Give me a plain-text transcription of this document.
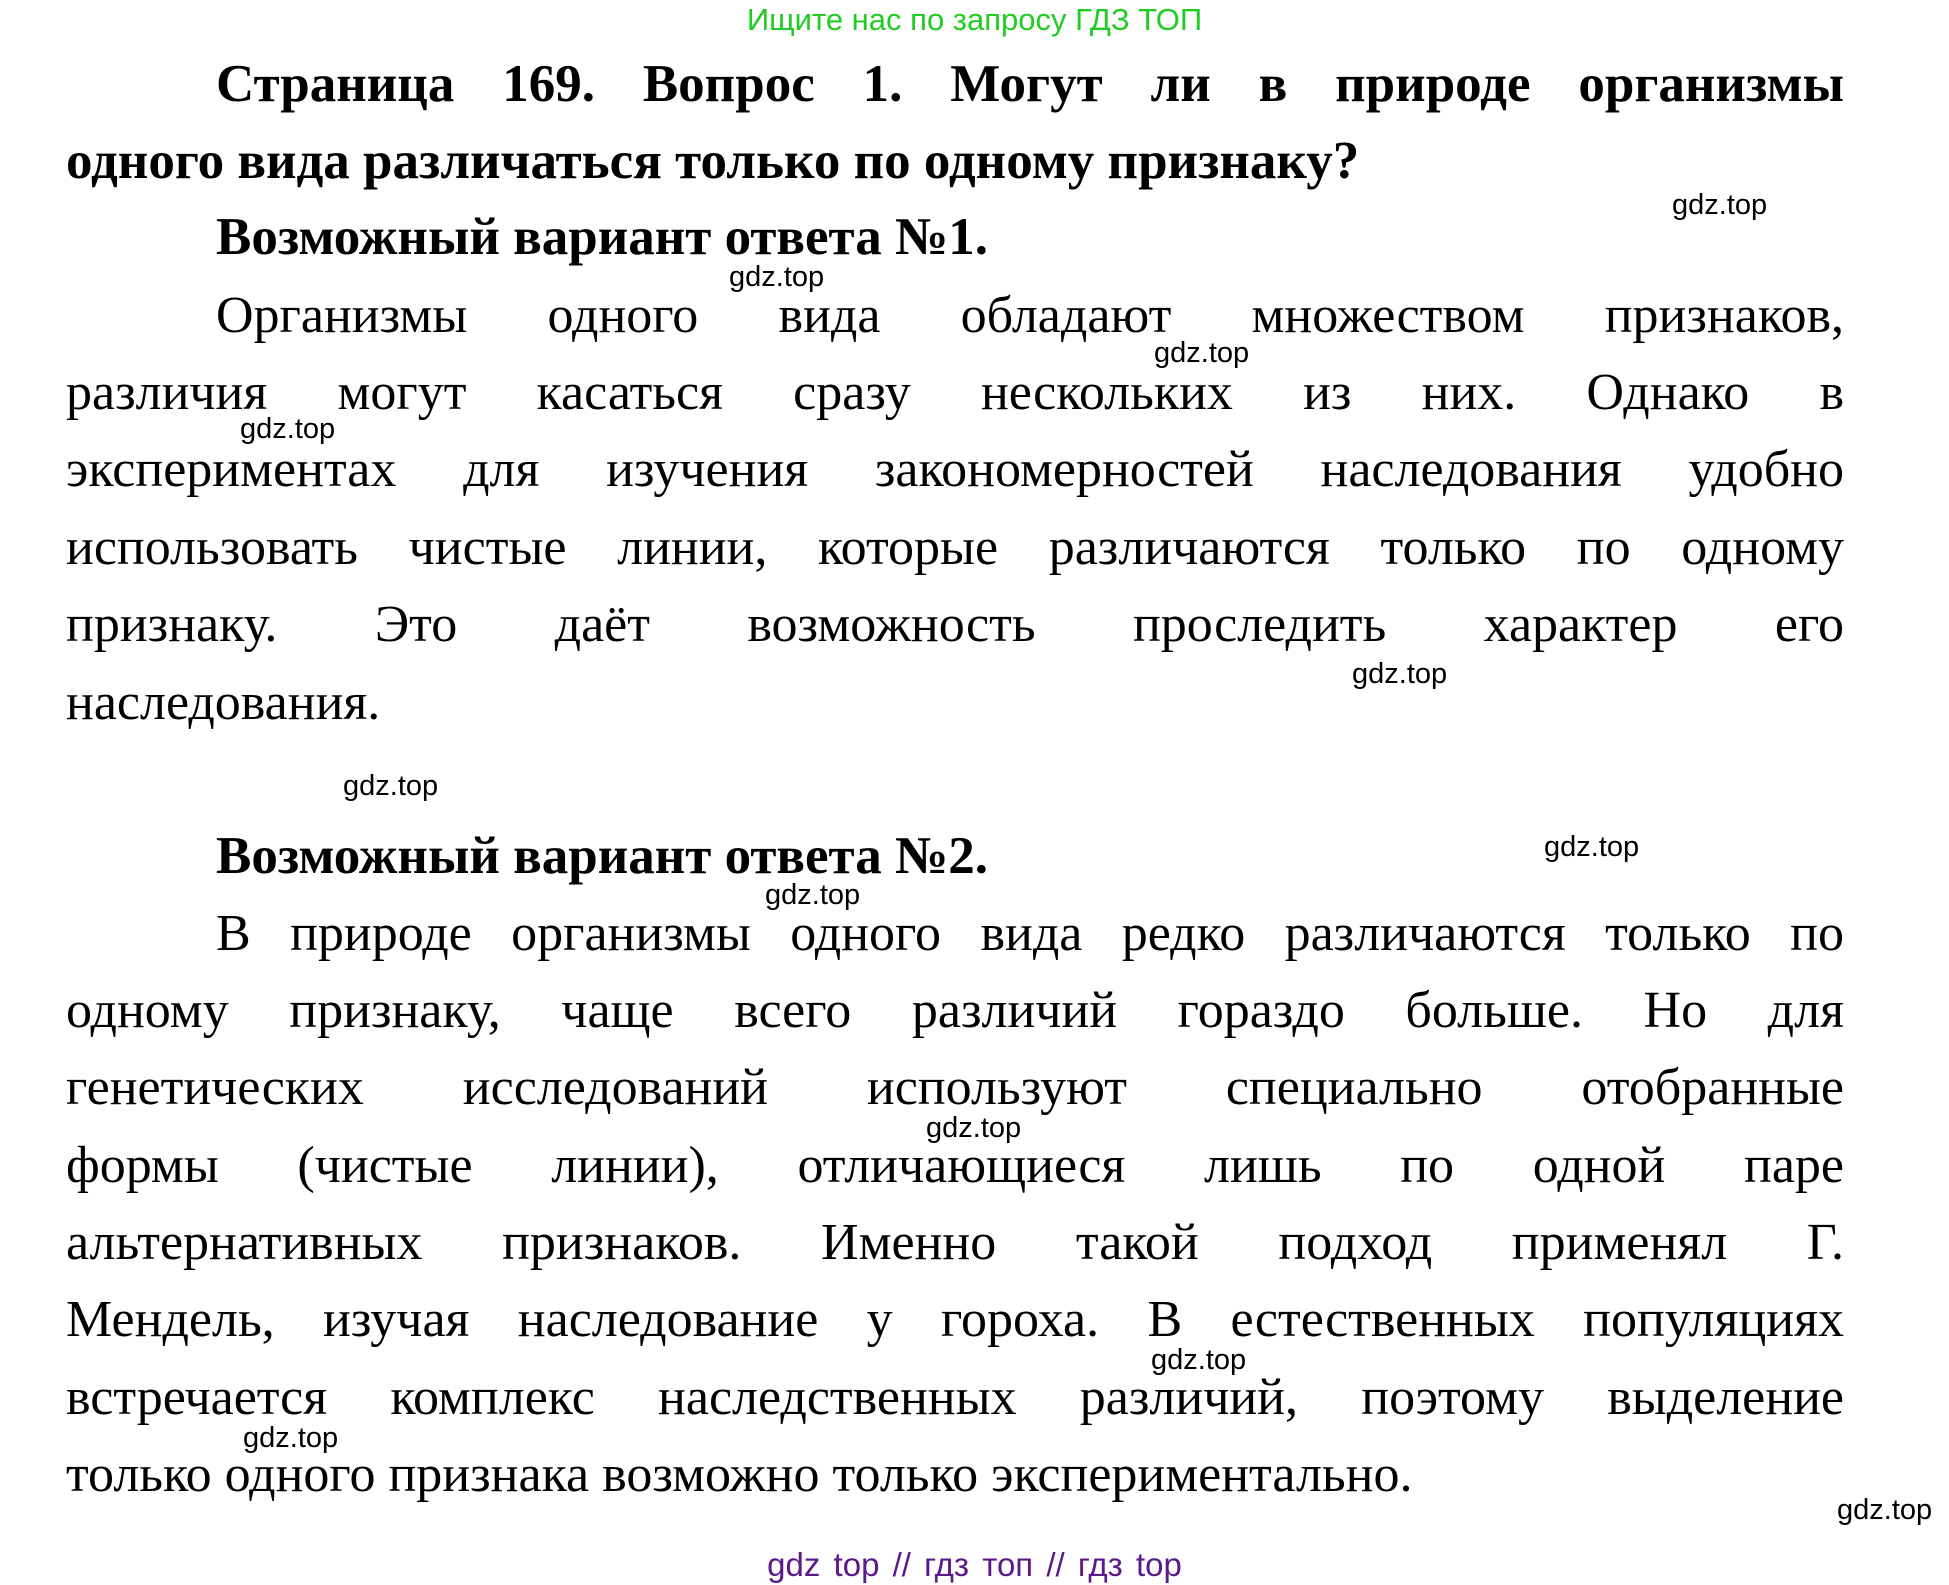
Ищите нас по запросу ГДЗ ТОП
Страница 169. Вопрос 1. Могут ли в природе организмы
одного вида различаться только по одному признаку?
Возможный вариант ответа №1.
Организмы одного вида обладают множеством признаков,
различия могут касаться сразу нескольких из них. Однако в
экспериментах для изучения закономерностей наследования удобно
использовать чистые линии, которые различаются только по одному
признаку. Это даёт возможность проследить характер его
наследования.
Возможный вариант ответа №2.
В природе организмы одного вида редко различаются только по
одному признаку, чаще всего различий гораздо больше. Но для
генетических исследований используют специально отобранные
формы (чистые линии), отличающиеся лишь по одной паре
альтернативных признаков. Именно такой подход применял Г.
Мендель, изучая наследование у гороха. В естественных популяциях
встречается комплекс наследственных различий, поэтому выделение
только одного признака возможно только экспериментально.
gdz.top
gdz.top
gdz.top
gdz.top
gdz.top
gdz.top
gdz.top
gdz.top
gdz.top
gdz.top
gdz.top
gdz.top
gdz top // гдз топ // гдз top
